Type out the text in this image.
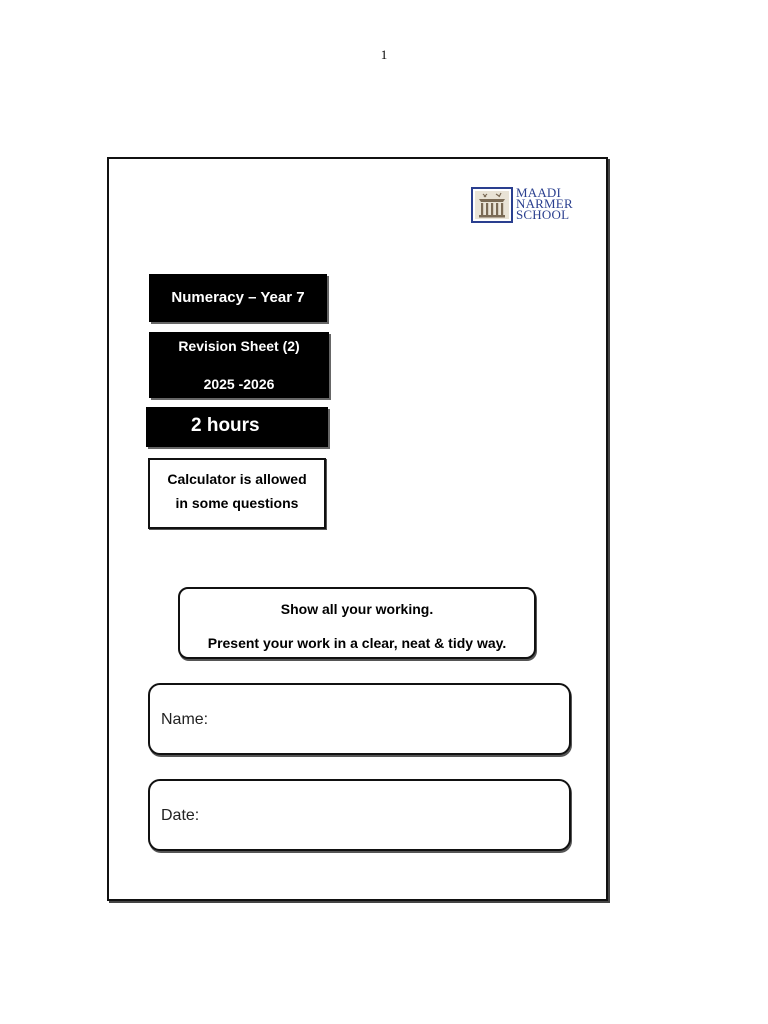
1
MAADI
NARMER
SCHOOL
Numeracy – Year 7
Revision Sheet (2)
2025 -2026
2 hours
Calculator is allowed
in some questions
Show all your working.
Present your work in a clear, neat & tidy way.
Name:
Date:
